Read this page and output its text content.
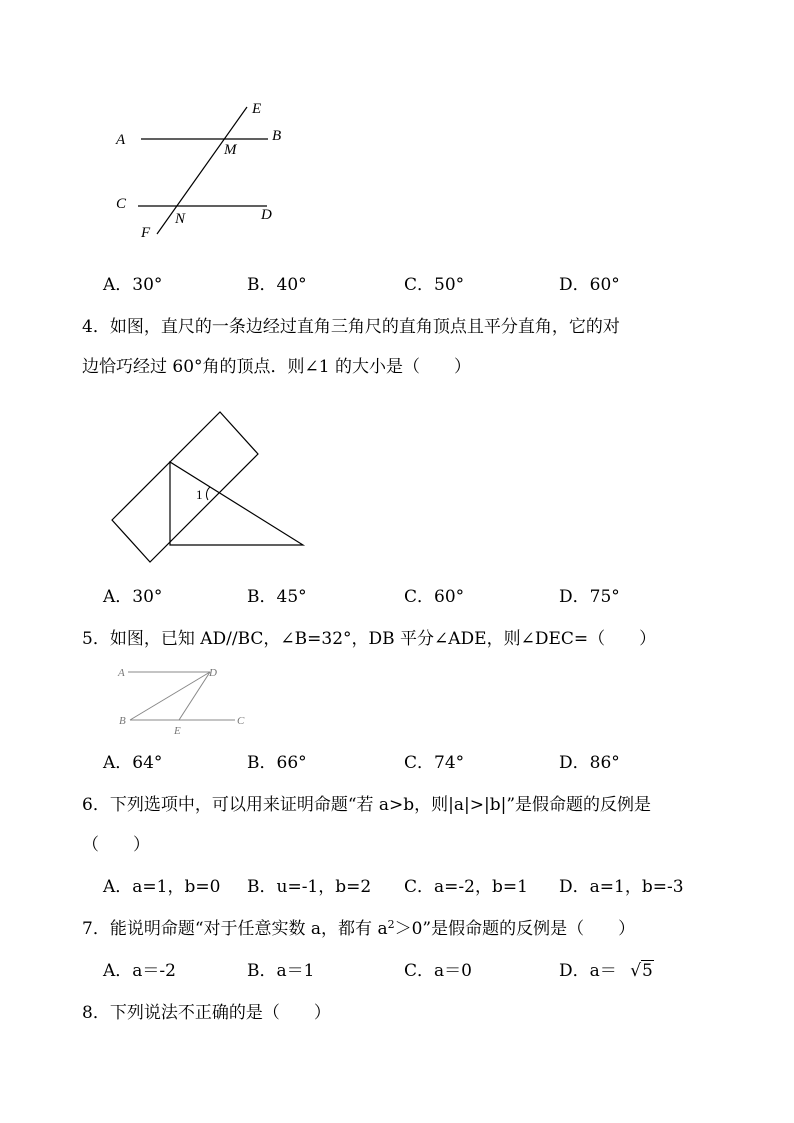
A	B
C
D
E
F
M
N
A．30°	B．40°	C．50°	D．60°
4．如图，直尺的一条边经过直角三角尺的直角顶点且平分直角，它的对
边恰巧经过 60°角的顶点．则∠1 的大小是（　　）
1
A．30°	B．45°	C．60°	D．75°
5．如图，已知 AD//BC，∠B=32°，DB 平分∠ADE，则∠DEC=（　　）
A	D
B
E
C
A．64°	B．66°	C．74°	D．86°
6．下列选项中，可以用来证明命题“若 a>b，则|a|>|b|”是假命题的反例是
（　　）
A．a=1，b=0 B．u=-1，b=2 C．a=-2，b=1 D．a=1，b=-3
7．能说明命题“对于任意实数 a，都有 $a^2>0$”是假命题的反例是（　　）
A．a＝-2	B．a＝1	C．a＝0	D．a＝ √5
8．下列说法不正确的是（　　）
